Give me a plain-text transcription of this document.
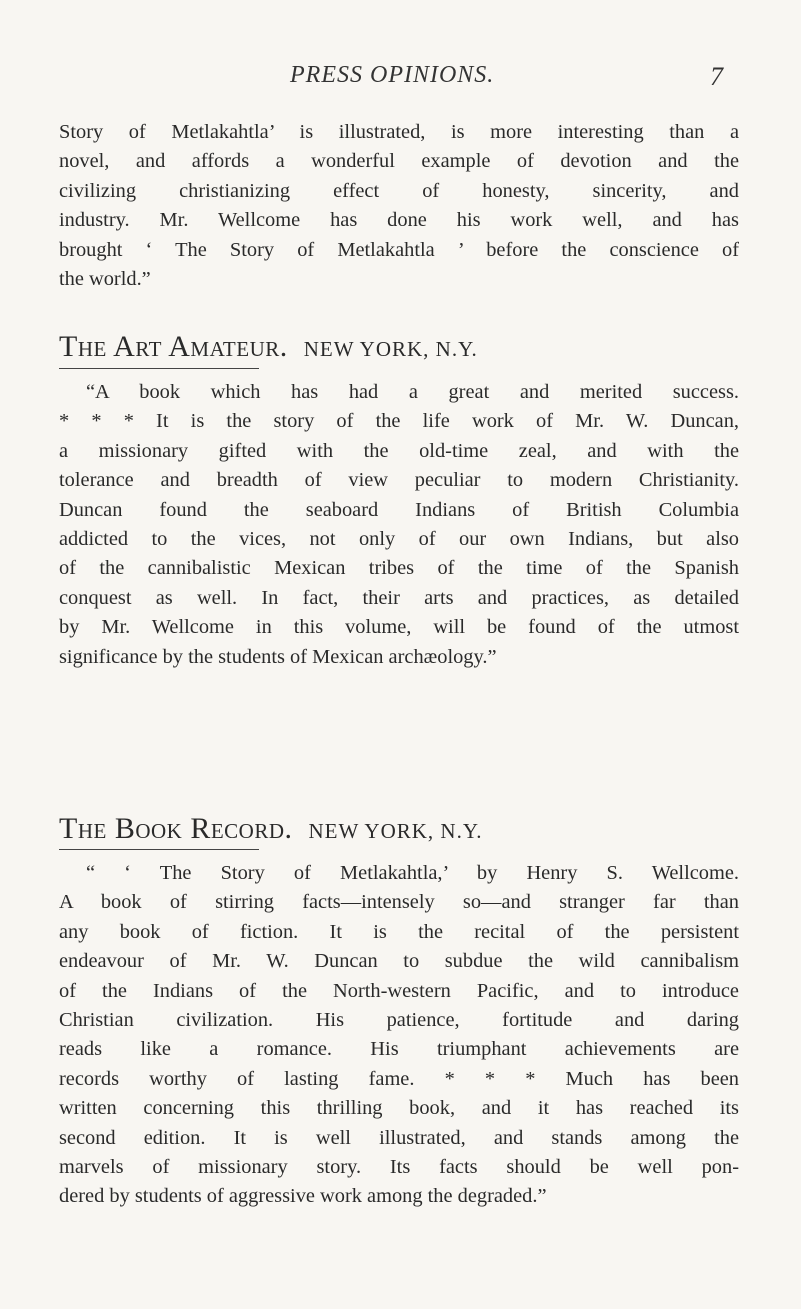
PRESS OPINIONS.	7
Story of Metlakahtla’ is illustrated, is more interesting than a
novel, and affords a wonderful example of devotion and the
civilizing christianizing effect of honesty, sincerity, and
industry. Mr. Wellcome has done his work well, and has
brought ‘ The Story of Metlakahtla ’ before the conscience of
the world.”
The Art Amateur. NEW YORK, N.Y.
“A book which has had a great and merited success.
* * * It is the story of the life work of Mr. W. Duncan,
a missionary gifted with the old-time zeal, and with the
tolerance and breadth of view peculiar to modern Christianity.
Duncan found the seaboard Indians of British Columbia
addicted to the vices, not only of our own Indians, but also
of the cannibalistic Mexican tribes of the time of the Spanish
conquest as well. In fact, their arts and practices, as detailed
by Mr. Wellcome in this volume, will be found of the utmost
significance by the students of Mexican archæology.”
The Book Record. NEW YORK, N.Y.
“ ‘ The Story of Metlakahtla,’ by Henry S. Wellcome.
A book of stirring facts—intensely so—and stranger far than
any book of fiction. It is the recital of the persistent
endeavour of Mr. W. Duncan to subdue the wild cannibalism
of the Indians of the North-western Pacific, and to introduce
Christian civilization. His patience, fortitude and daring
reads like a romance. His triumphant achievements are
records worthy of lasting fame. * * * Much has been
written concerning this thrilling book, and it has reached its
second edition. It is well illustrated, and stands among the
marvels of missionary story. Its facts should be well pon-
dered by students of aggressive work among the degraded.”
